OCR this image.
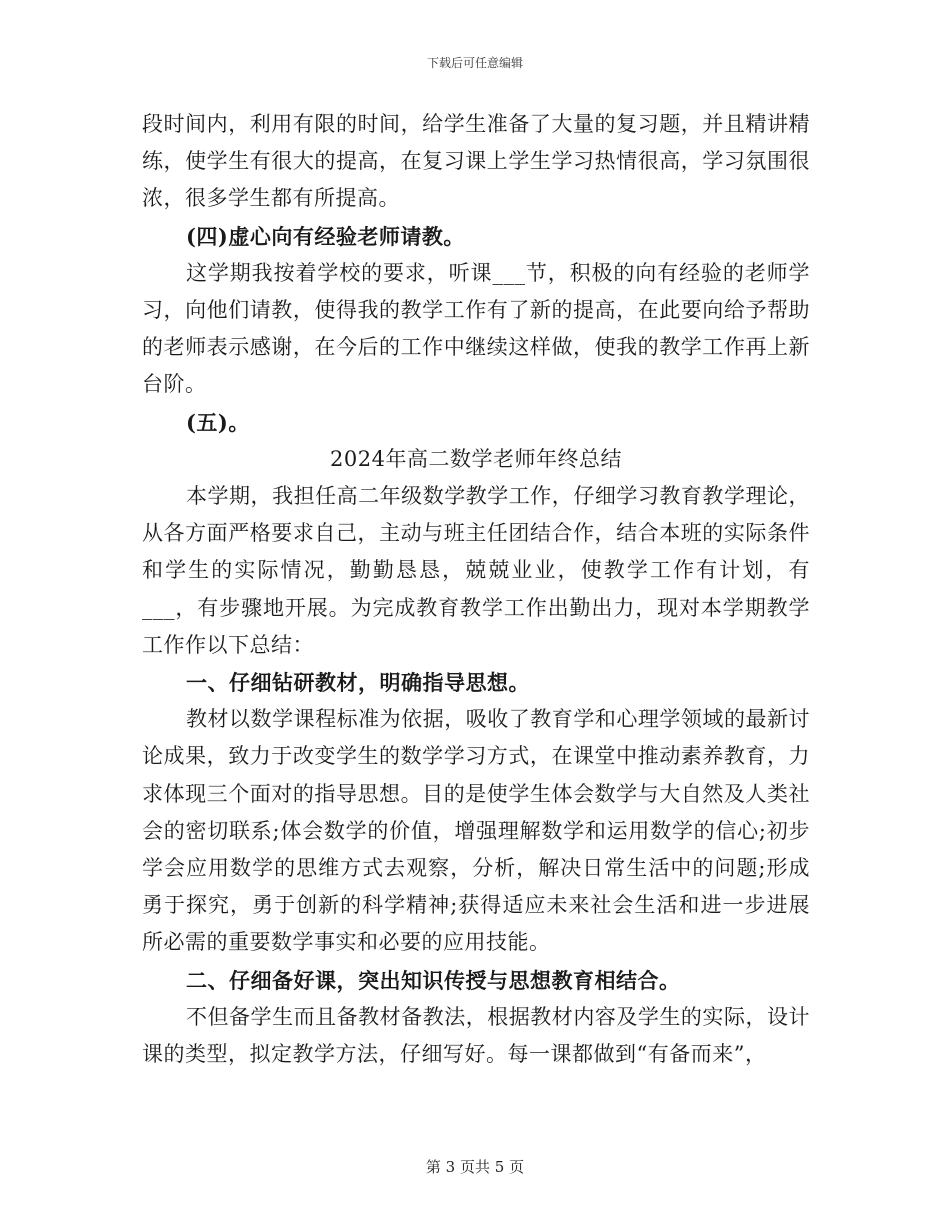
下载后可任意编辑

段时间内，利用有限的时间，给学生准备了大量的复习题，并且精讲精练，使学生有很大的提高，在复习课上学生学习热情很高，学习氛围很浓，很多学生都有所提高。

(四)虚心向有经验老师请教。

这学期我按着学校的要求，听课___节，积极的向有经验的老师学习，向他们请教，使得我的教学工作有了新的提高，在此要向给予帮助的老师表示感谢，在今后的工作中继续这样做，使我的教学工作再上新台阶。

(五)。

2024年高二数学老师年终总结

本学期，我担任高二年级数学教学工作，仔细学习教育教学理论，从各方面严格要求自己，主动与班主任团结合作，结合本班的实际条件和学生的实际情况，勤勤恳恳，兢兢业业，使教学工作有计划，有___，有步骤地开展。为完成教育教学工作出勤出力，现对本学期教学工作作以下总结：

一、仔细钻研教材，明确指导思想。

教材以数学课程标准为依据，吸收了教育学和心理学领域的最新讨论成果，致力于改变学生的数学学习方式，在课堂中推动素养教育，力求体现三个面对的指导思想。目的是使学生体会数学与大自然及人类社会的密切联系;体会数学的价值，增强理解数学和运用数学的信心;初步学会应用数学的思维方式去观察，分析，解决日常生活中的问题;形成勇于探究，勇于创新的科学精神;获得适应未来社会生活和进一步进展所必需的重要数学事实和必要的应用技能。

二、仔细备好课，突出知识传授与思想教育相结合。

不但备学生而且备教材备教法，根据教材内容及学生的实际，设计课的类型，拟定教学方法，仔细写好。每一课都做到“有备而来”，

第 3 页共 5 页
